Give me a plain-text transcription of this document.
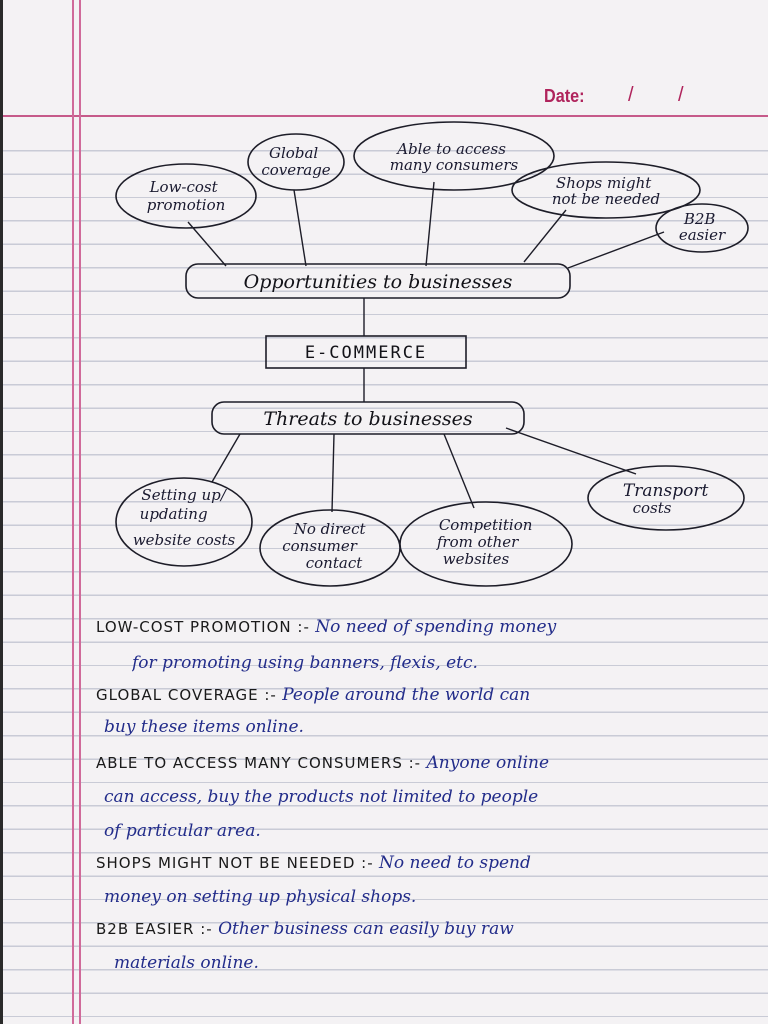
Date: / /
Low-cost promotion
Global coverage
Able to access many consumers
Shops might not be needed
B2B easier
Opportunities to businesses
E-COMMERCE
Threats to businesses
Setting up/ updating website costs
No direct consumer contact
Competition from other websites
Transport costs
LOW-COST PROMOTION :- No need of spending money
for promoting using banners, flexis, etc.
GLOBAL COVERAGE :- People around the world can
buy these items online.
ABLE TO ACCESS MANY CONSUMERS :- Anyone online
can access, buy the products not limited to people
of particular area.
SHOPS MIGHT NOT BE NEEDED :- No need to spend
money on setting up physical shops.
B2B EASIER :- Other business can easily buy raw
materials online.
